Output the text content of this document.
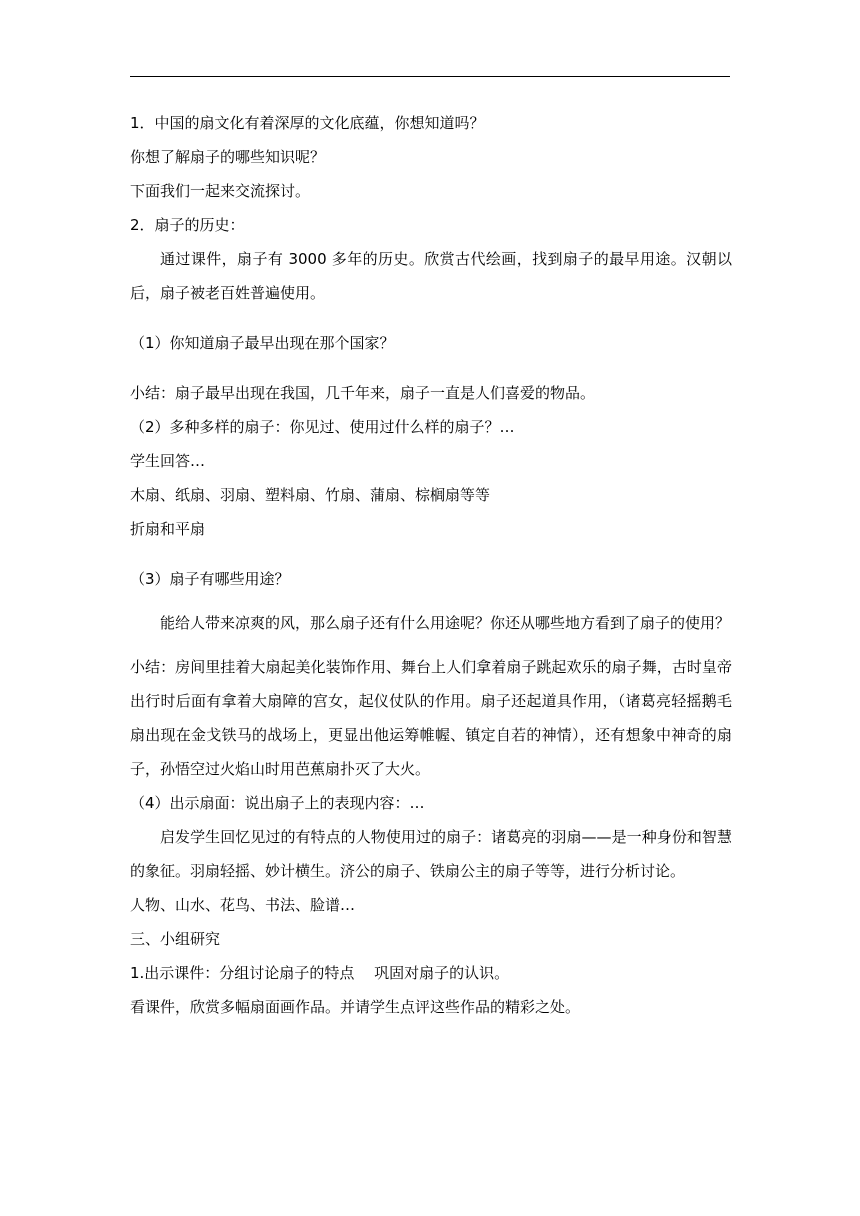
1．中国的扇文化有着深厚的文化底蕴，你想知道吗？
你想了解扇子的哪些知识呢？
下面我们一起来交流探讨。
2．扇子的历史：
通过课件，扇子有 3000 多年的历史。欣赏古代绘画，找到扇子的最早用途。汉朝以后，扇子被老百姓普遍使用。
（1）你知道扇子最早出现在那个国家？
小结：扇子最早出现在我国，几千年来，扇子一直是人们喜爱的物品。
（2）多种多样的扇子：你见过、使用过什么样的扇子？…
学生回答…
木扇、纸扇、羽扇、塑料扇、竹扇、蒲扇、棕榈扇等等
折扇和平扇
（3）扇子有哪些用途？
能给人带来凉爽的风，那么扇子还有什么用途呢？你还从哪些地方看到了扇子的使用？
小结：房间里挂着大扇起美化装饰作用、舞台上人们拿着扇子跳起欢乐的扇子舞，古时皇帝出行时后面有拿着大扇障的宫女，起仪仗队的作用。扇子还起道具作用，（诸葛亮轻摇鹅毛扇出现在金戈铁马的战场上，更显出他运筹帷幄、镇定自若的神情），还有想象中神奇的扇子，孙悟空过火焰山时用芭蕉扇扑灭了大火。
（4）出示扇面：说出扇子上的表现内容：…
启发学生回忆见过的有特点的人物使用过的扇子：诸葛亮的羽扇——是一种身份和智慧的象征。羽扇轻摇、妙计横生。济公的扇子、铁扇公主的扇子等等，进行分析讨论。
人物、山水、花鸟、书法、脸谱…
三、小组研究
1.出示课件：分组讨论扇子的特点　 巩固对扇子的认识。
看课件，欣赏多幅扇面画作品。并请学生点评这些作品的精彩之处。
